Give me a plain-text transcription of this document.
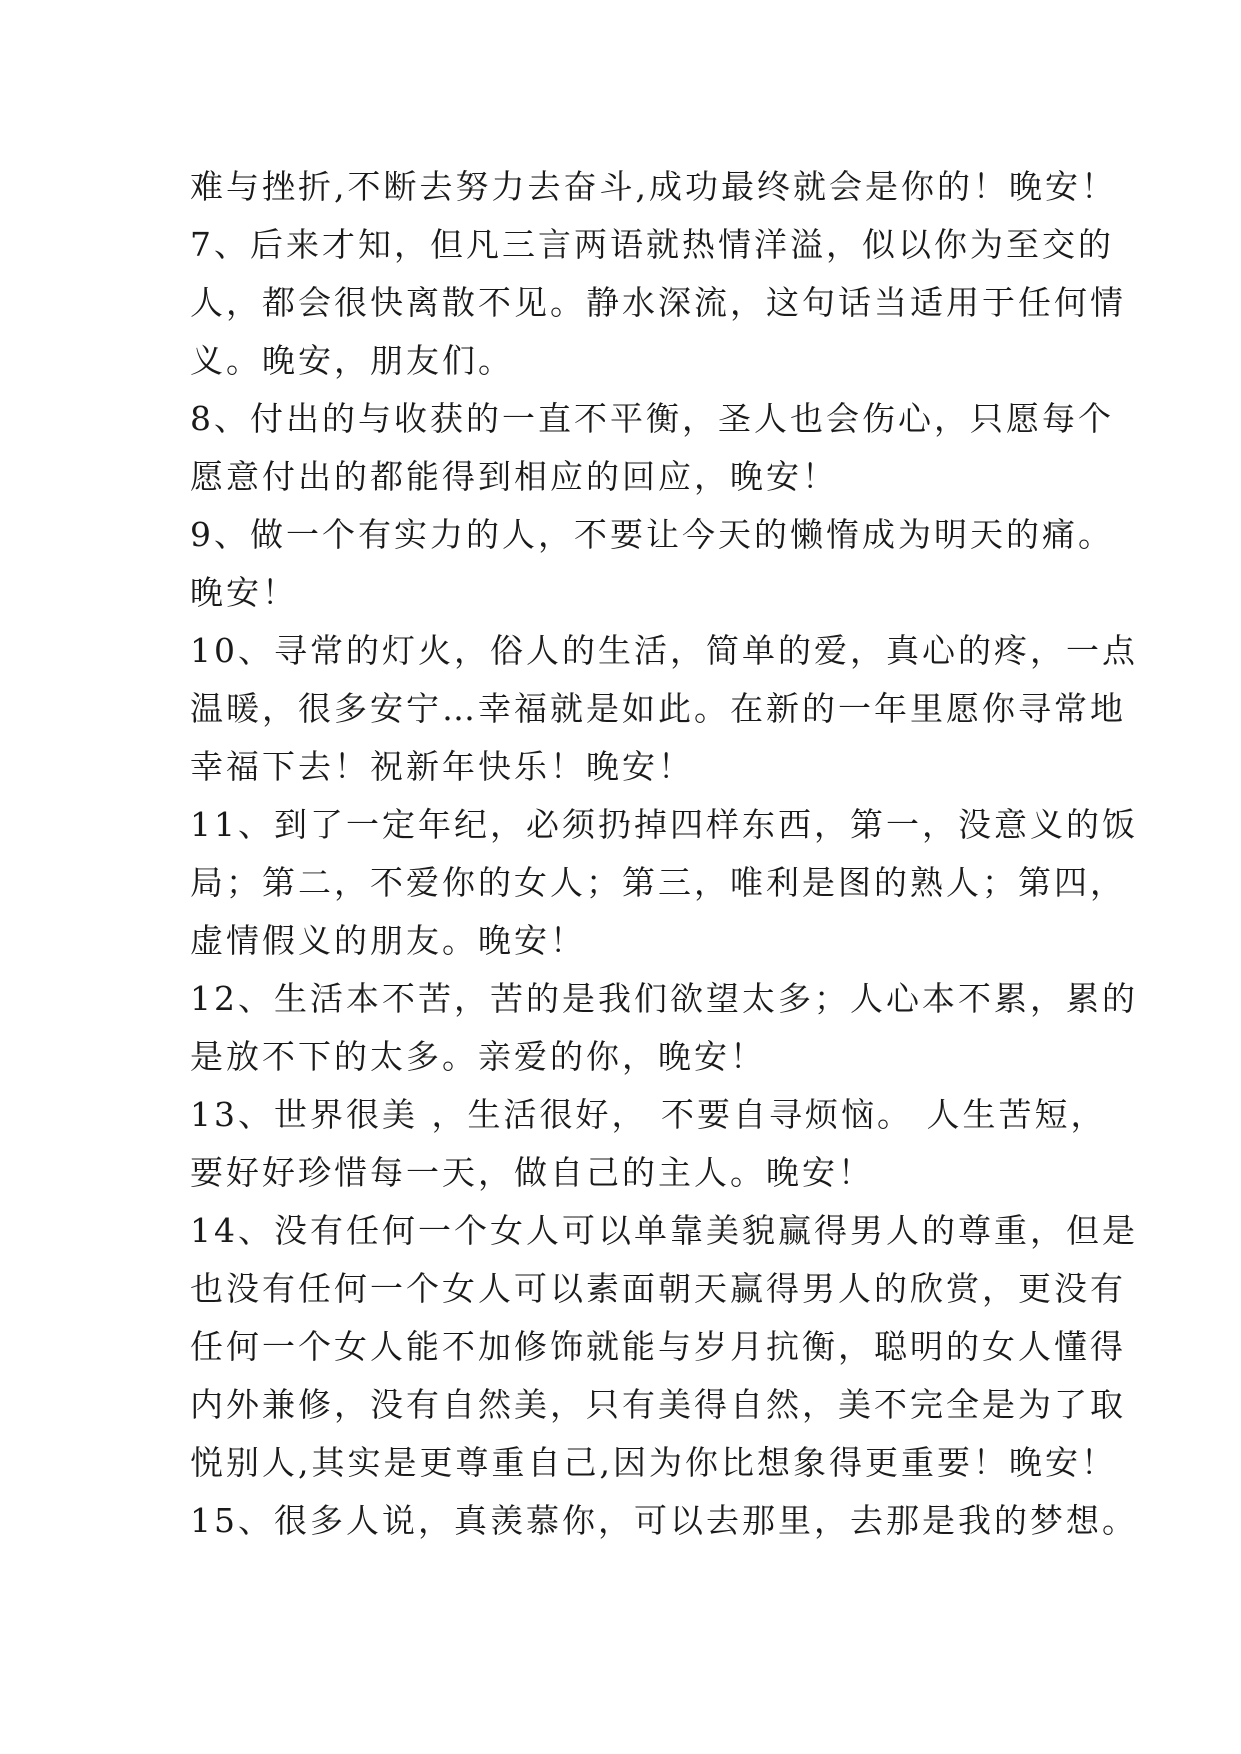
难与挫折,不断去努力去奋斗,成功最终就会是你的！晚安！
7、后来才知，但凡三言两语就热情洋溢，似以你为至交的
人，都会很快离散不见。静水深流，这句话当适用于任何情
义。晚安，朋友们。
8、付出的与收获的一直不平衡，圣人也会伤心，只愿每个
愿意付出的都能得到相应的回应，晚安！
9、做一个有实力的人，不要让今天的懒惰成为明天的痛。
晚安！
10、寻常的灯火，俗人的生活，简单的爱，真心的疼，一点
温暖，很多安宁…幸福就是如此。在新的一年里愿你寻常地
幸福下去！祝新年快乐！晚安！
11、到了一定年纪，必须扔掉四样东西，第一，没意义的饭
局；第二，不爱你的女人；第三，唯利是图的熟人；第四，
虚情假义的朋友。晚安！
12、生活本不苦，苦的是我们欲望太多；人心本不累，累的
是放不下的太多。亲爱的你，晚安！
13、世界很美 ，生活很好， 不要自寻烦恼。 人生苦短，
要好好珍惜每一天，做自己的主人。晚安！
14、没有任何一个女人可以单靠美貌赢得男人的尊重，但是
也没有任何一个女人可以素面朝天赢得男人的欣赏，更没有
任何一个女人能不加修饰就能与岁月抗衡，聪明的女人懂得
内外兼修，没有自然美，只有美得自然，美不完全是为了取
悦别人,其实是更尊重自己,因为你比想象得更重要！晚安！
15、很多人说，真羡慕你，可以去那里，去那是我的梦想。
